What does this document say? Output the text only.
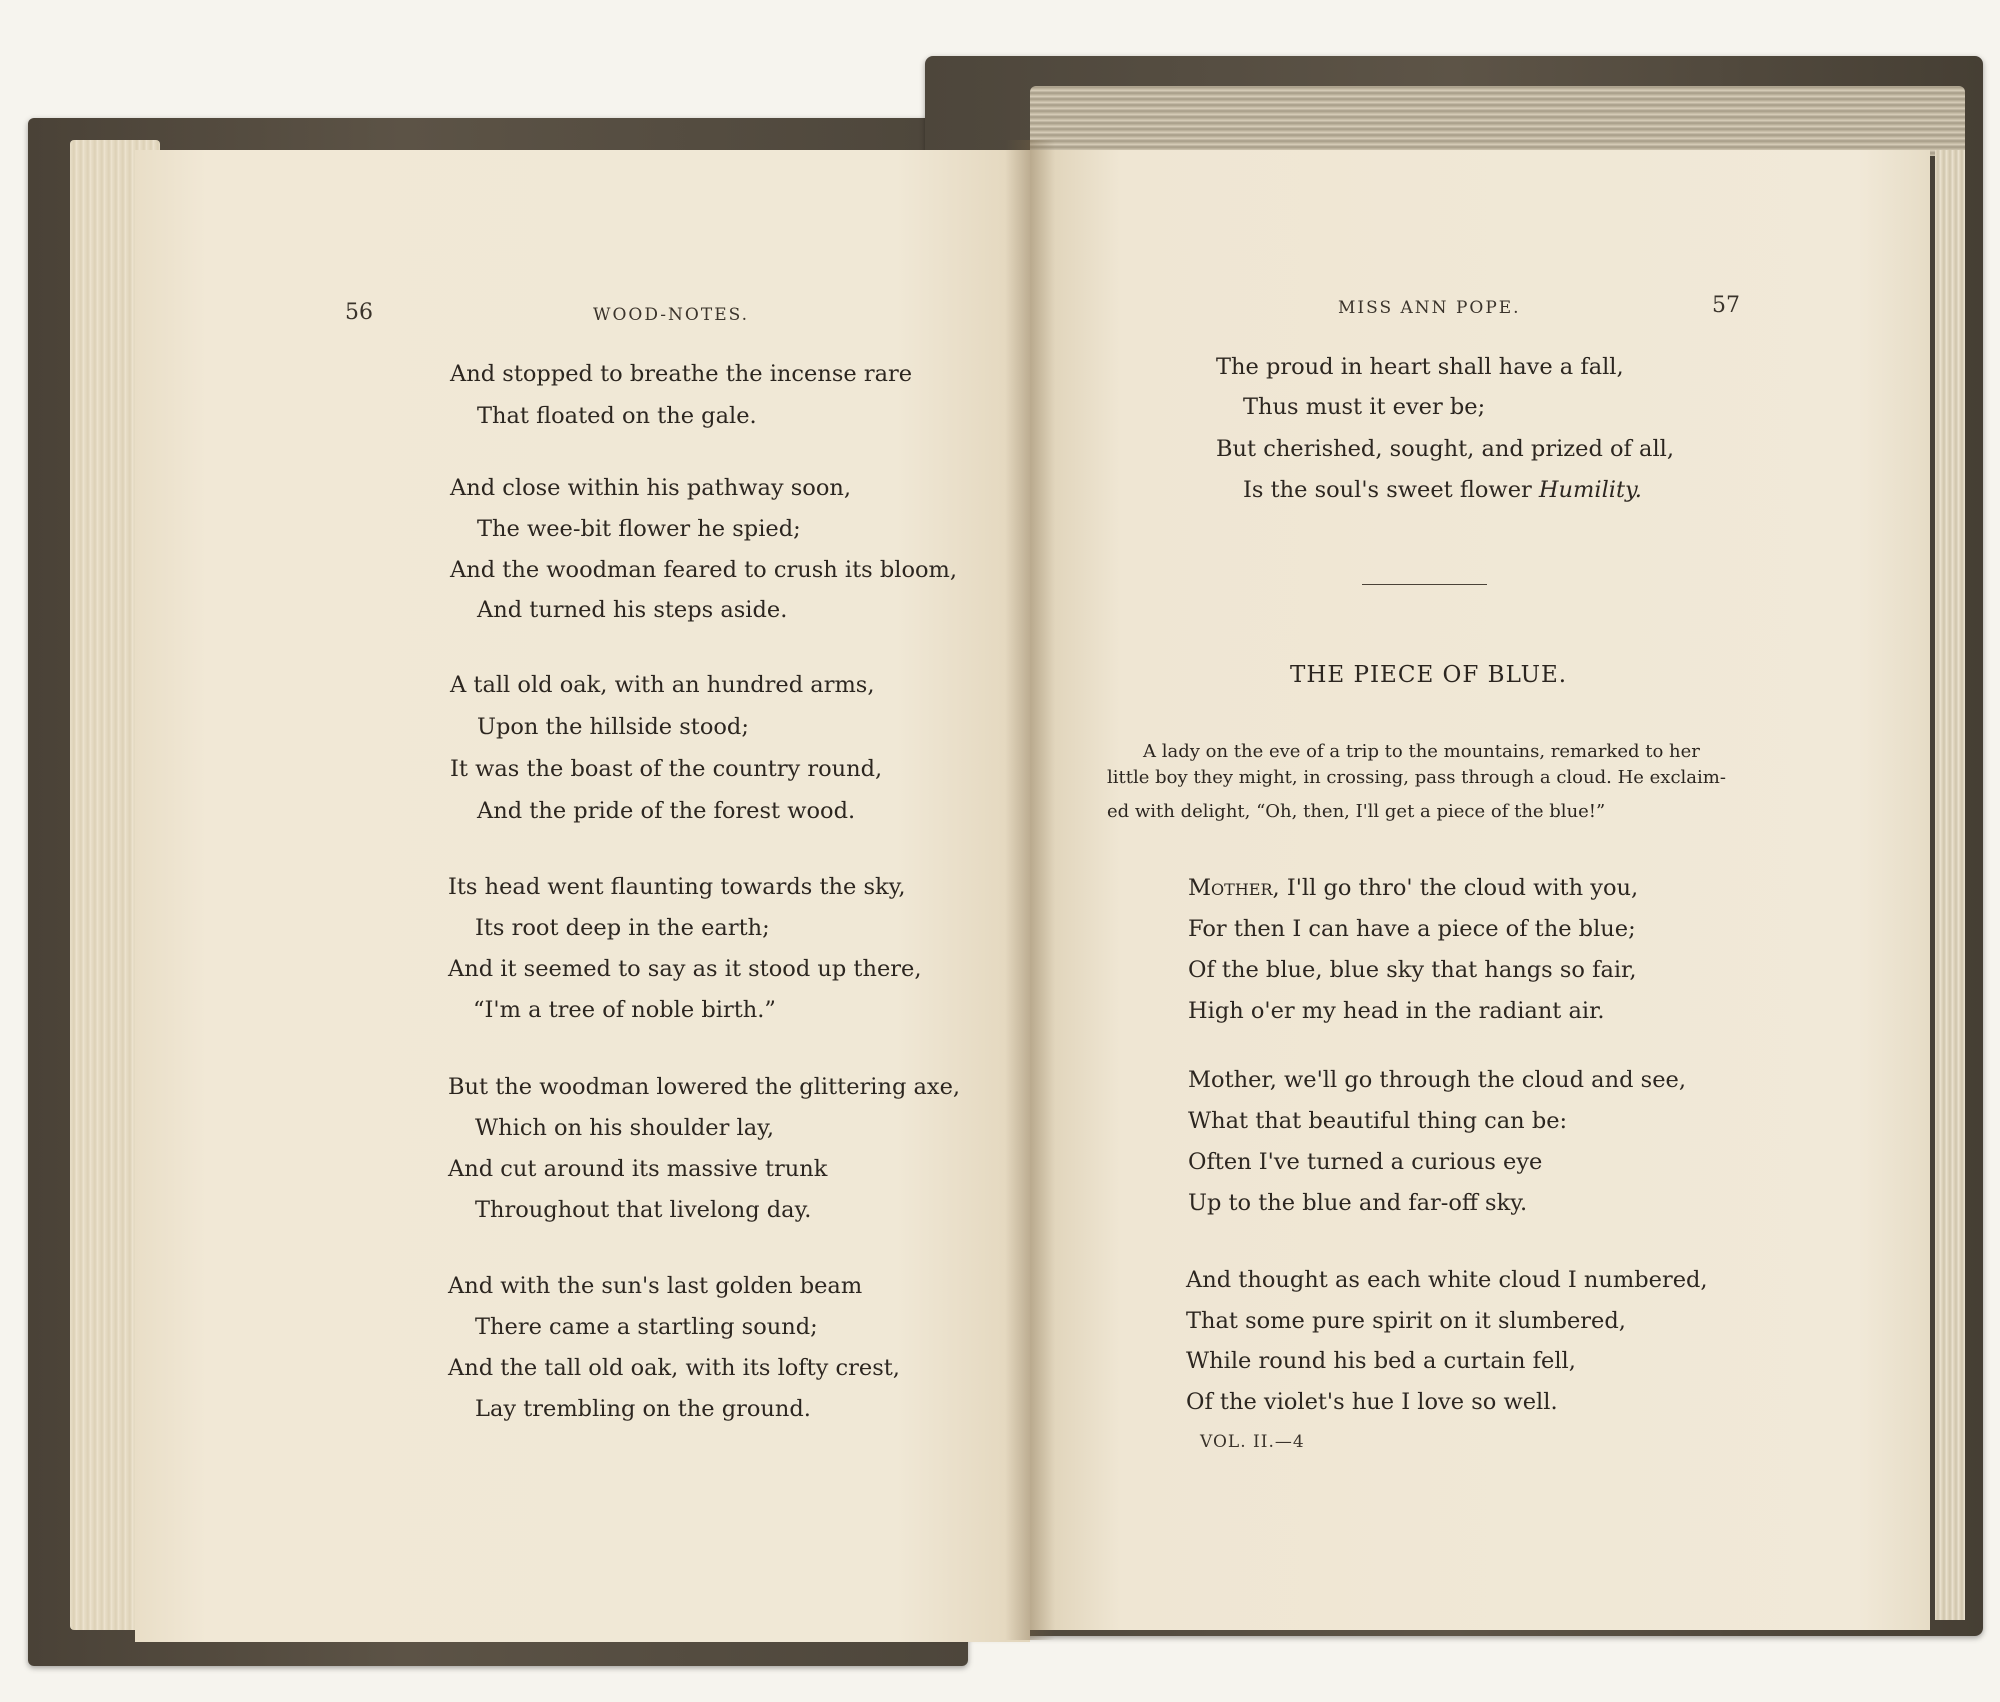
56	WOOD-NOTES.
And stopped to breathe the incense rare
That floated on the gale.
And close within his pathway soon,
The wee-bit flower he spied;
And the woodman feared to crush its bloom,
And turned his steps aside.
A tall old oak, with an hundred arms,
Upon the hillside stood;
It was the boast of the country round,
And the pride of the forest wood.
Its head went flaunting towards the sky,
Its root deep in the earth;
And it seemed to say as it stood up there,
“I'm a tree of noble birth.”
But the woodman lowered the glittering axe,
Which on his shoulder lay,
And cut around its massive trunk
Throughout that livelong day.
And with the sun's last golden beam
There came a startling sound;
And the tall old oak, with its lofty crest,
Lay trembling on the ground.
MISS ANN POPE.	57
The proud in heart shall have a fall,
Thus must it ever be;
But cherished, sought, and prized of all,
Is the soul's sweet flower Humility.
THE PIECE OF BLUE.
A lady on the eve of a trip to the mountains, remarked to her
little boy they might, in crossing, pass through a cloud. He exclaim-
ed with delight, “Oh, then, I'll get a piece of the blue!”
Mother, I'll go thro' the cloud with you,
For then I can have a piece of the blue;
Of the blue, blue sky that hangs so fair,
High o'er my head in the radiant air.
Mother, we'll go through the cloud and see,
What that beautiful thing can be:
Often I've turned a curious eye
Up to the blue and far-off sky.
And thought as each white cloud I numbered,
That some pure spirit on it slumbered,
While round his bed a curtain fell,
Of the violet's hue I love so well.
VOL. II.—4
